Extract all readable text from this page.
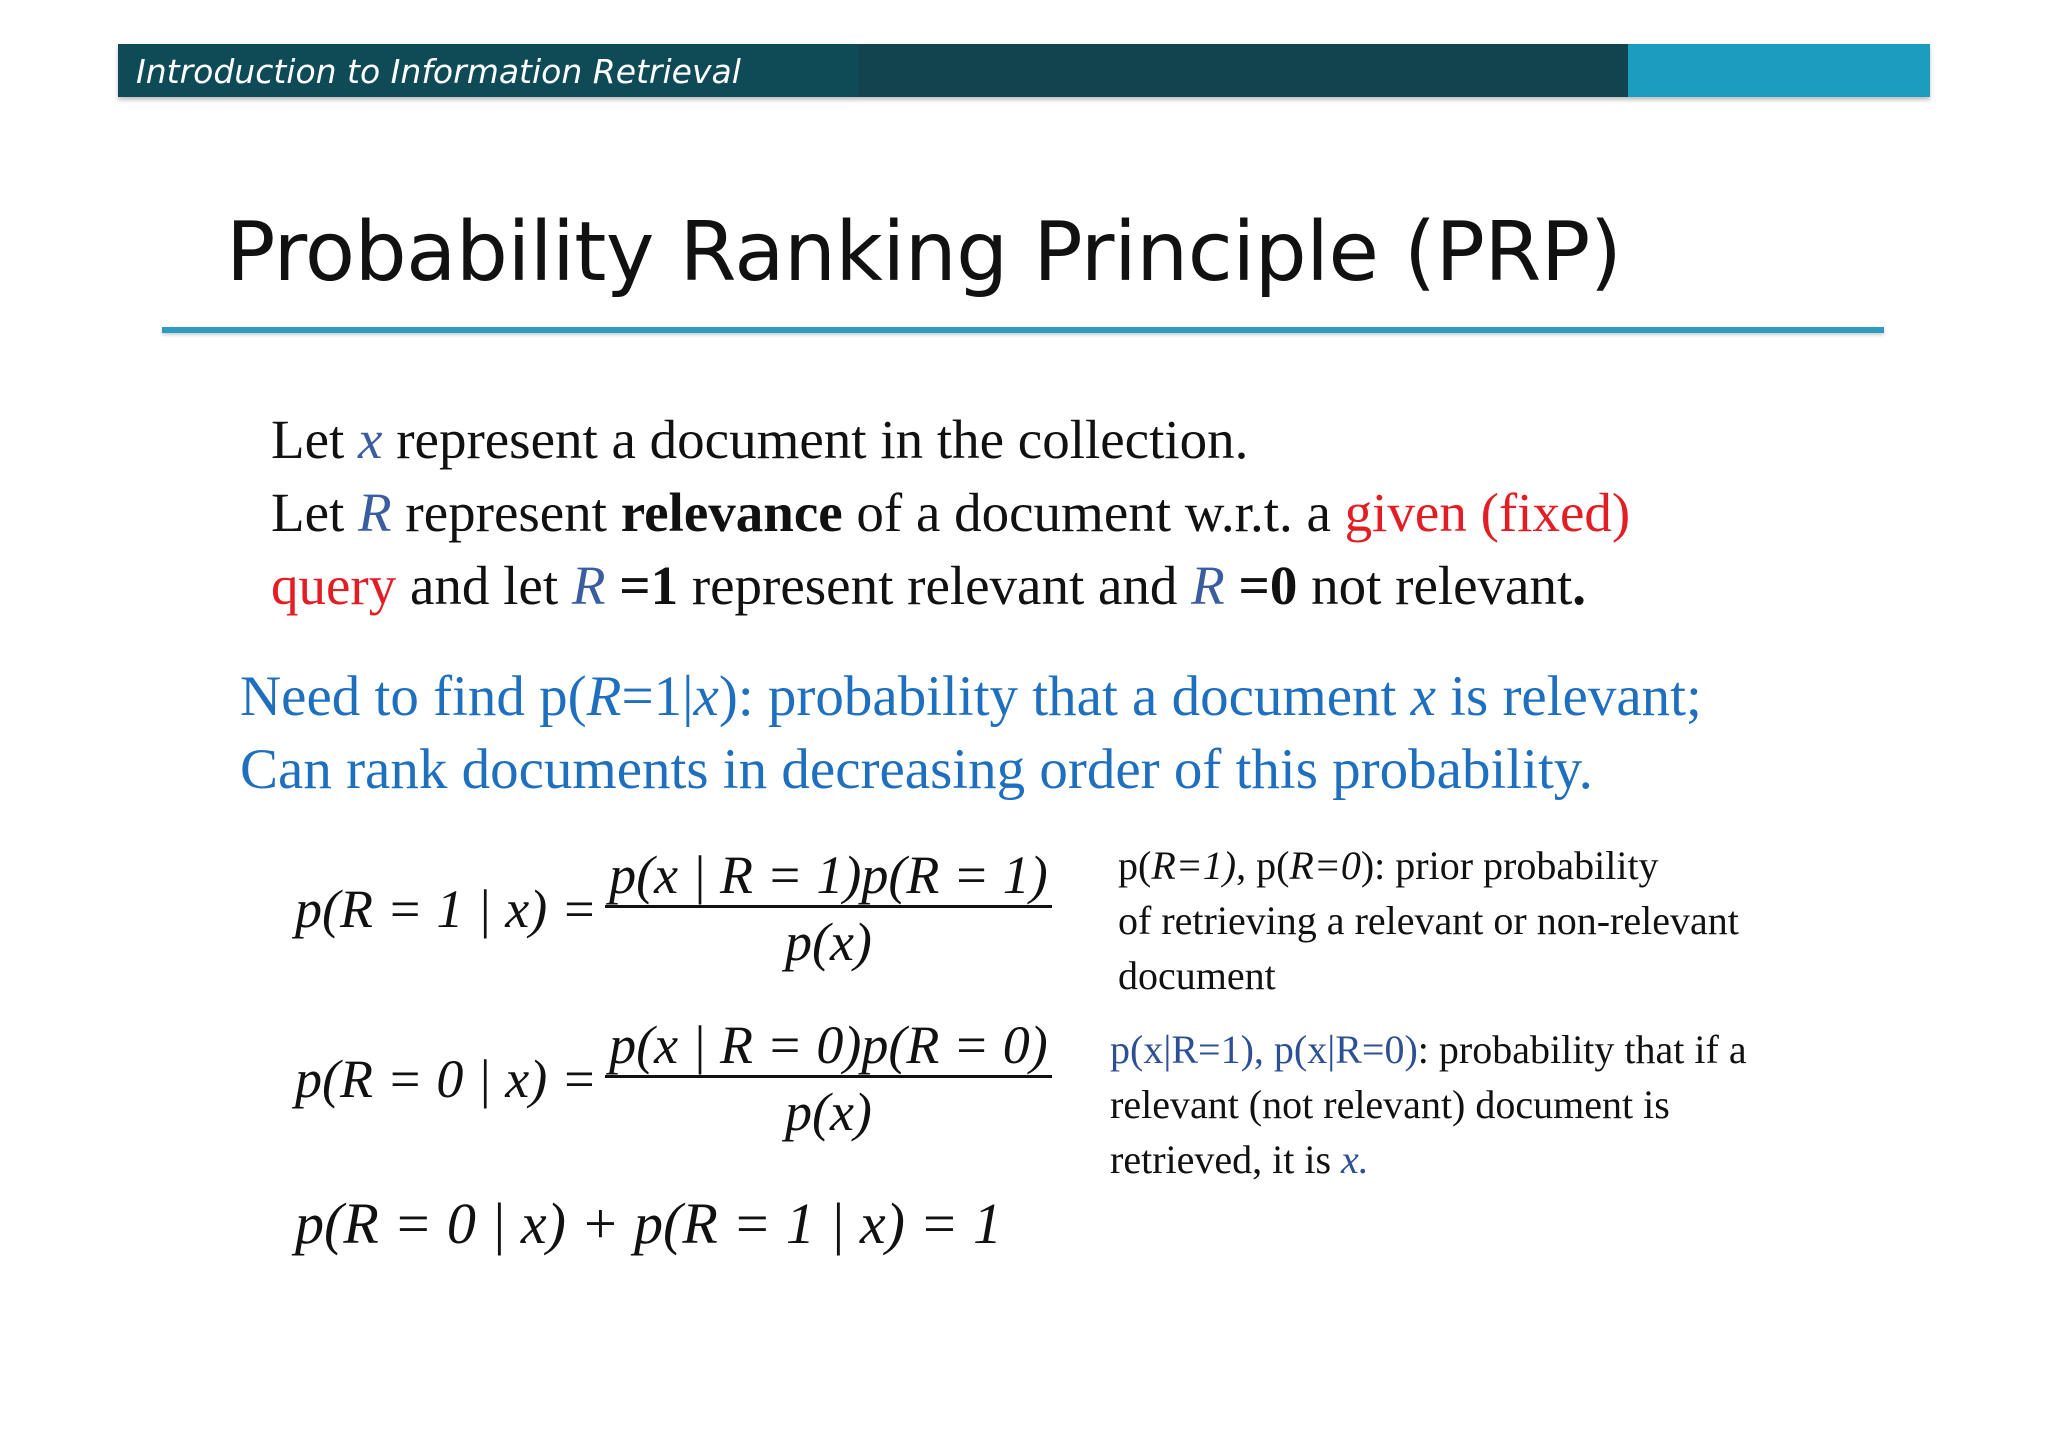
Introduction to Information Retrieval
Probability Ranking Principle (PRP)
Let x represent a document in the collection.
Let R represent relevance of a document w.r.t. a given (fixed)
query and let R =1 represent relevant and R =0 not relevant.
Need to find p(R=1|x): probability that a document x is relevant;
Can rank documents in decreasing order of this probability.
p(R = 1 | $x) = \frac{p(x | R = 1)p(R = 1)}{p(x)}$
p(R = 0 | $x) = \frac{p(x | R = 0)p(R = 0)}{p(x)}$
p(R = 0 | x) + p(R = 1 | x) = 1
p(R=1), p(R=0): prior probability
of retrieving a relevant or non-relevant
document
p(x|R=1), p(x|R=0): probability that if a
relevant (not relevant) document is
retrieved, it is x.
